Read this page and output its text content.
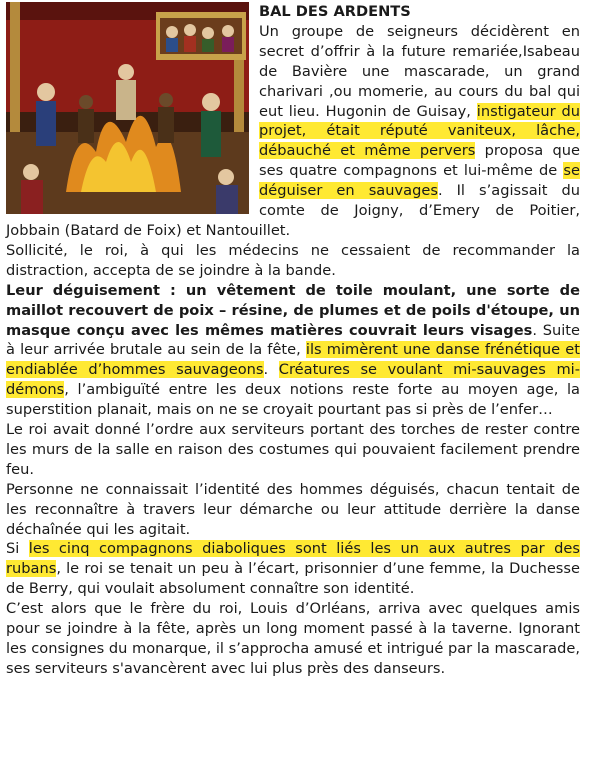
BAL DES ARDENTS

Un groupe de seigneurs décidèrent en secret d’offrir à la future remariée,Isabeau de Bavière une mascarade, un grand charivari ,ou momerie, au cours du bal qui eut lieu. Hugonin de Guisay, instigateur du projet, était réputé vaniteux, lâche, débauché et même pervers proposa que ses quatre compagnons et lui-même de se déguiser en sauvages. Il s’agissait du comte de Joigny, d’Emery de Poitier, Jobbain (Batard de Foix) et Nantouillet.

Sollicité, le roi, à qui les médecins ne cessaient de recommander la distraction, accepta de se joindre à la bande.

Leur déguisement : un vêtement de toile moulant, une sorte de maillot recouvert de poix – résine, de plumes et de poils d'étoupe, un masque conçu avec les mêmes matières couvrait leurs visages. Suite à leur arrivée brutale au sein de la fête, ils mimèrent une danse frénétique et endiablée d’hommes sauvageons. Créatures se voulant mi-sauvages mi-démons, l’ambiguïté entre les deux notions reste forte au moyen age, la superstition planait, mais on ne se croyait pourtant pas si près de l’enfer…

Le roi avait donné l’ordre aux serviteurs portant des torches de rester contre les murs de la salle en raison des costumes qui pouvaient facilement prendre feu.

Personne ne connaissait l’identité des hommes déguisés, chacun tentait de les reconnaître à travers leur démarche ou leur attitude derrière la danse déchaînée qui les agitait.

Si les cinq compagnons diaboliques sont liés les un aux autres par des rubans, le roi se tenait un peu à l’écart, prisonnier d’une femme, la Duchesse de Berry, qui voulait absolument connaître son identité.

C’est alors que le frère du roi, Louis d’Orléans, arriva avec quelques amis pour se joindre à la fête, après un long moment passé à la taverne. Ignorant les consignes du monarque, il s’approcha amusé et intrigué par la mascarade, ses serviteurs s'avancèrent avec lui plus près des danseurs.
